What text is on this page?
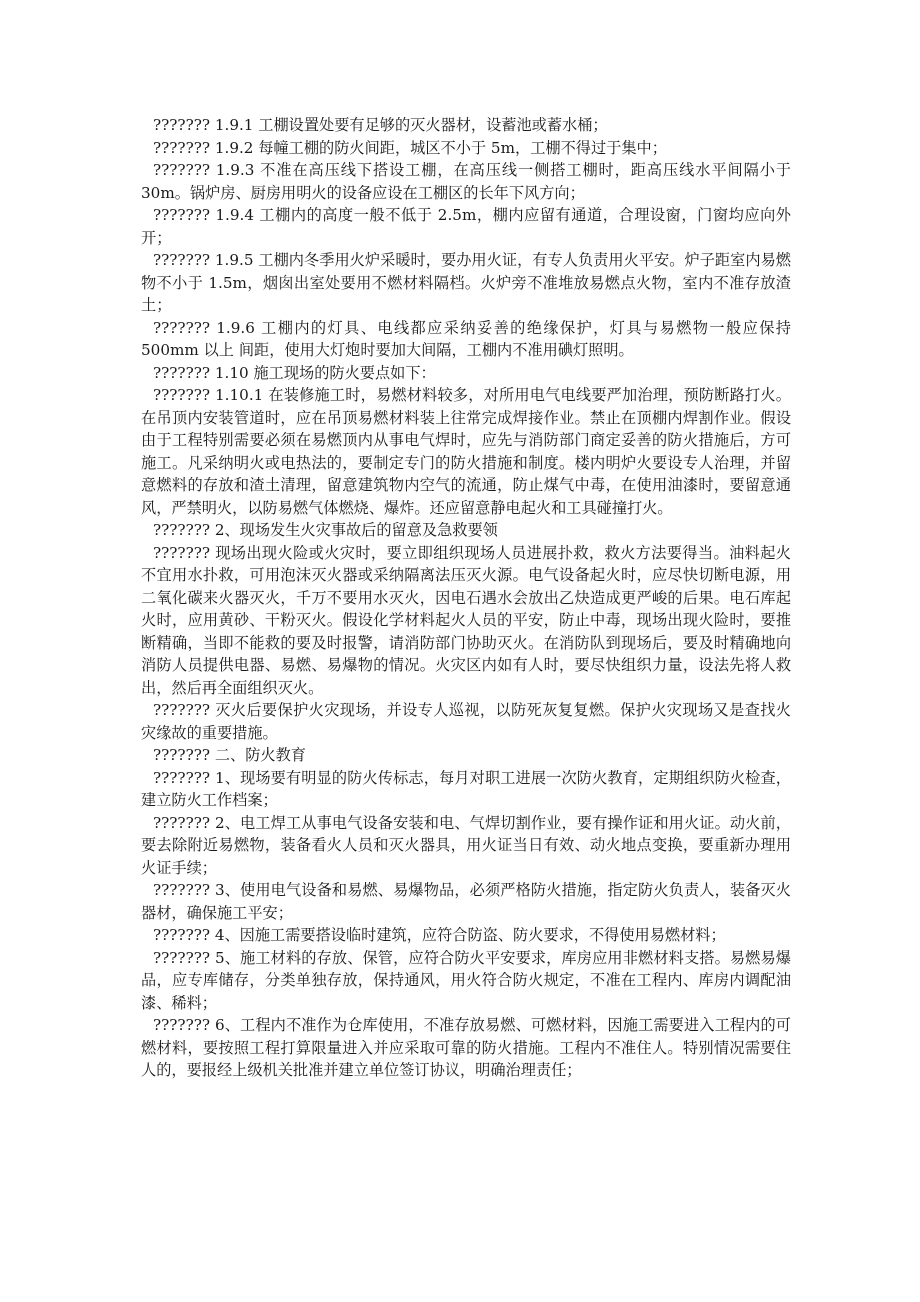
??????? 1.9.1 工棚设置处要有足够的灭火器材，设蓄池或蓄水桶；

??????? 1.9.2 每幢工棚的防火间距，城区不小于 5m，工棚不得过于集中；

??????? 1.9.3 不准在高压线下搭设工棚，在高压线一侧搭工棚时，距高压线水平间隔小于 30m。锅炉房、厨房用明火的设备应设在工棚区的长年下风方向；

??????? 1.9.4 工棚内的高度一般不低于 2.5m，棚内应留有通道，合理设窗，门窗均应向外开；

??????? 1.9.5 工棚内冬季用火炉采暖时，要办用火证，有专人负责用火平安。炉子距室内易燃物不小于 1.5m，烟囱出室处要用不燃材料隔档。火炉旁不准堆放易燃点火物，室内不准存放渣土；

??????? 1.9.6 工棚内的灯具、电线都应采纳妥善的绝缘保护，灯具与易燃物一般应保持 500mm 以上 间距，使用大灯炮时要加大间隔，工棚内不准用碘灯照明。

??????? 1.10 施工现场的防火要点如下：

??????? 1.10.1 在装修施工时，易燃材料较多，对所用电气电线要严加治理，预防断路打火。在吊顶内安装管道时，应在吊顶易燃材料装上往常完成焊接作业。禁止在顶棚内焊割作业。假设由于工程特别需要必须在易燃顶内从事电气焊时，应先与消防部门商定妥善的防火措施后，方可施工。凡采纳明火或电热法的，要制定专门的防火措施和制度。楼内明炉火要设专人治理，并留意燃料的存放和渣土清理，留意建筑物内空气的流通，防止煤气中毒，在使用油漆时，要留意通风，严禁明火，以防易燃气体燃烧、爆炸。还应留意静电起火和工具碰撞打火。

??????? 2、现场发生火灾事故后的留意及急救要领

??????? 现场出现火险或火灾时，要立即组织现场人员进展扑救，救火方法要得当。油料起火不宜用水扑救，可用泡沫灭火器或采纳隔离法压灭火源。电气设备起火时，应尽快切断电源，用二氧化碳来火器灭火，千万不要用水灭火，因电石遇水会放出乙炔造成更严峻的后果。电石库起火时，应用黄砂、干粉灭火。假设化学材料起火人员的平安，防止中毒，现场出现火险时，要推断精确，当即不能救的要及时报警，请消防部门协助灭火。在消防队到现场后，要及时精确地向消防人员提供电器、易燃、易爆物的情况。火灾区内如有人时，要尽快组织力量，设法先将人救出，然后再全面组织灭火。

??????? 灭火后要保护火灾现场，并设专人巡视，以防死灰复复燃。保护火灾现场又是查找火灾缘故的重要措施。

??????? 二、防火教育

??????? 1、现场要有明显的防火传标志，每月对职工进展一次防火教育，定期组织防火检查，建立防火工作档案；

??????? 2、电工焊工从事电气设备安装和电、气焊切割作业，要有操作证和用火证。动火前，要去除附近易燃物，装备看火人员和灭火器具，用火证当日有效、动火地点变换，要重新办理用火证手续；

??????? 3、使用电气设备和易燃、易爆物品，必须严格防火措施，指定防火负责人，装备灭火器材，确保施工平安；

??????? 4、因施工需要搭设临时建筑，应符合防盗、防火要求，不得使用易燃材料；

??????? 5、施工材料的存放、保管，应符合防火平安要求，库房应用非燃材料支搭。易燃易爆品，应专库储存，分类单独存放，保持通风，用火符合防火规定，不准在工程内、库房内调配油漆、稀料；

??????? 6、工程内不准作为仓库使用，不准存放易燃、可燃材料，因施工需要进入工程内的可燃材料，要按照工程打算限量进入并应采取可靠的防火措施。工程内不准住人。特别情况需要住人的，要报经上级机关批准并建立单位签订协议，明确治理责任；
